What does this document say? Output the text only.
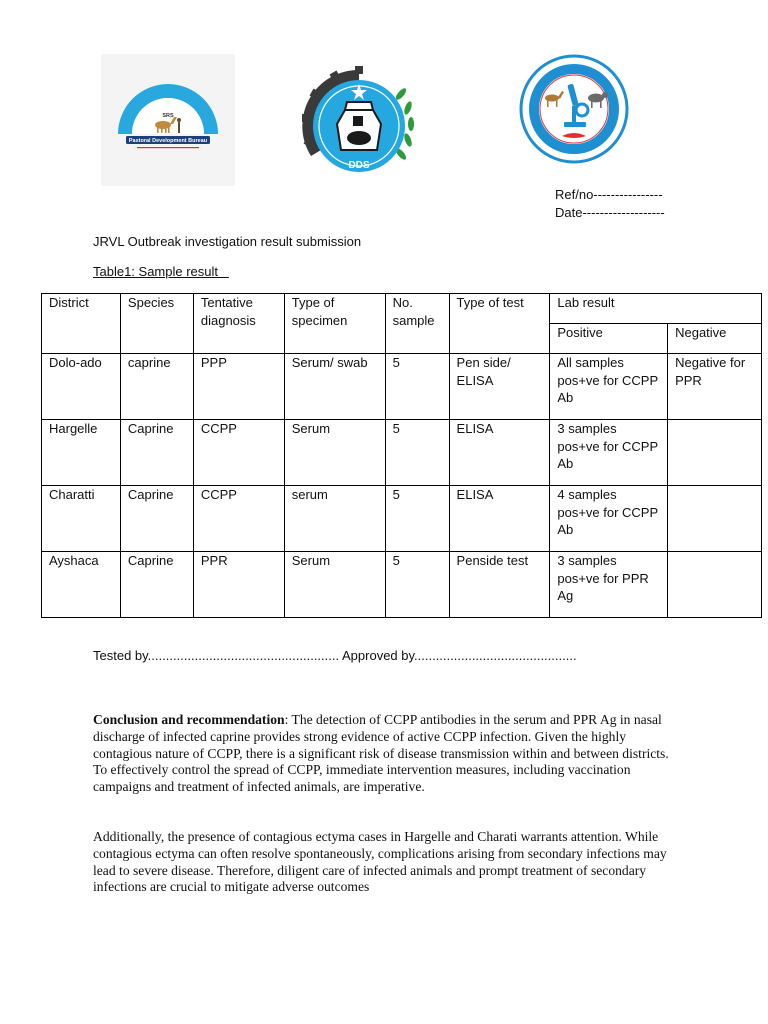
SRS
Pastoral Development Bureau
DDS
Ref/no----------------
Date-------------------
JRVL Outbreak investigation result submission
Table1: Sample result
District	Species	Tentative diagnosis	Type of specimen	No. sample	Type of test	Lab result	
						Positive	Negative
Dolo-ado	caprine	PPP	Serum/ swab	5	Pen side/ ELISA	All samples pos+ve for CCPP Ab	Negative for PPR
Hargelle	Caprine	CCPP	Serum	5	ELISA	3 samples pos+ve for CCPP Ab	
Charatti	Caprine	CCPP	serum	5	ELISA	4 samples pos+ve for CCPP Ab	
Ayshaca	Caprine	PPR	Serum	5	Penside test	3 samples pos+ve for PPR Ag	
Tested by..................................................... Approved by.............................................

Conclusion and recommendation: The detection of CCPP antibodies in the serum and PPR Ag in nasal discharge of infected caprine provides strong evidence of active CCPP infection. Given the highly contagious nature of CCPP, there is a significant risk of disease transmission within and between districts. To effectively control the spread of CCPP, immediate intervention measures, including vaccination campaigns and treatment of infected animals, are imperative.

Additionally, the presence of contagious ectyma cases in Hargelle and Charati warrants attention. While contagious ectyma can often resolve spontaneously, complications arising from secondary infections may lead to severe disease. Therefore, diligent care of infected animals and prompt treatment of secondary infections are crucial to mitigate adverse outcomes
